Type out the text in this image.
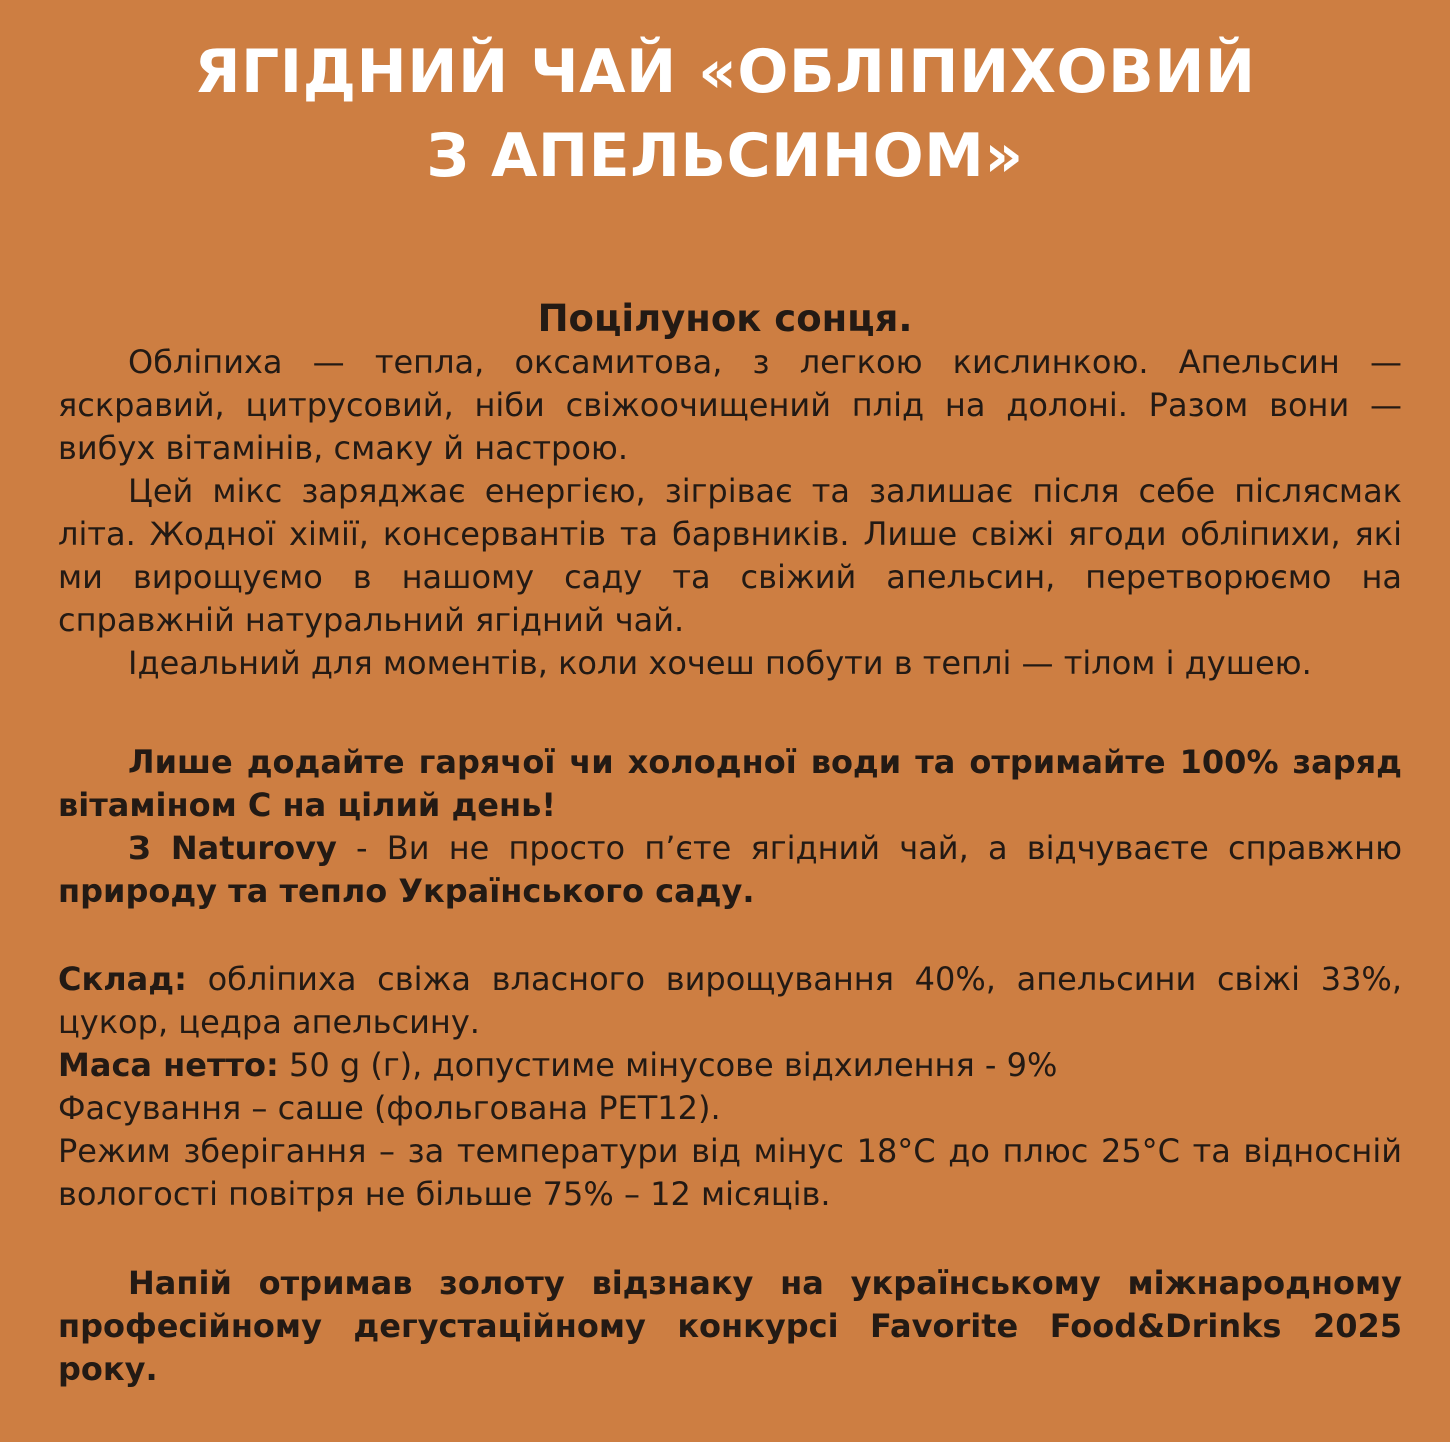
ЯГІДНИЙ ЧАЙ «ОБЛІПИХОВИЙ
З АПЕЛЬСИНОМ»
Поцілунок сонця.

Обліпиха — тепла, оксамитова, з легкою кислинкою. Апельсин — яскравий, цитрусовий, ніби свіжоочищений плід на долоні. Разом вони — вибух вітамінів, смаку й настрою.

Цей мікс заряджає енергією, зігріває та залишає після себе післясмак літа. Жодної хімії, консервантів та барвників. Лише свіжі ягоди обліпихи, які ми вирощуємо в нашому саду та свіжий апельсин, перетворюємо на справжній натуральний ягідний чай.

Ідеальний для моментів, коли хочеш побути в теплі — тілом і душею.

Лише додайте гарячої чи холодної води та отримайте 100% заряд вітаміном С на цілий день!

З Naturovy - Ви не просто п’єте ягідний чай, а відчуваєте справжню природу та тепло Українського саду.

Склад: обліпиха свіжа власного вирощування 40%, апельсини свіжі 33%, цукор, цедра апельсину.

Маса нетто: 50 g (г), допустиме мінусове відхилення - 9%

Фасування – саше (фольгована PET12).

Режим зберігання – за температури від мінус 18°С до плюс 25°С та відносній вологості повітря не більше 75% – 12 місяців.

Напій отримав золоту відзнаку на українському міжнародному професійному дегустаційному конкурсі Favorite Food&Drinks 2025 року.
